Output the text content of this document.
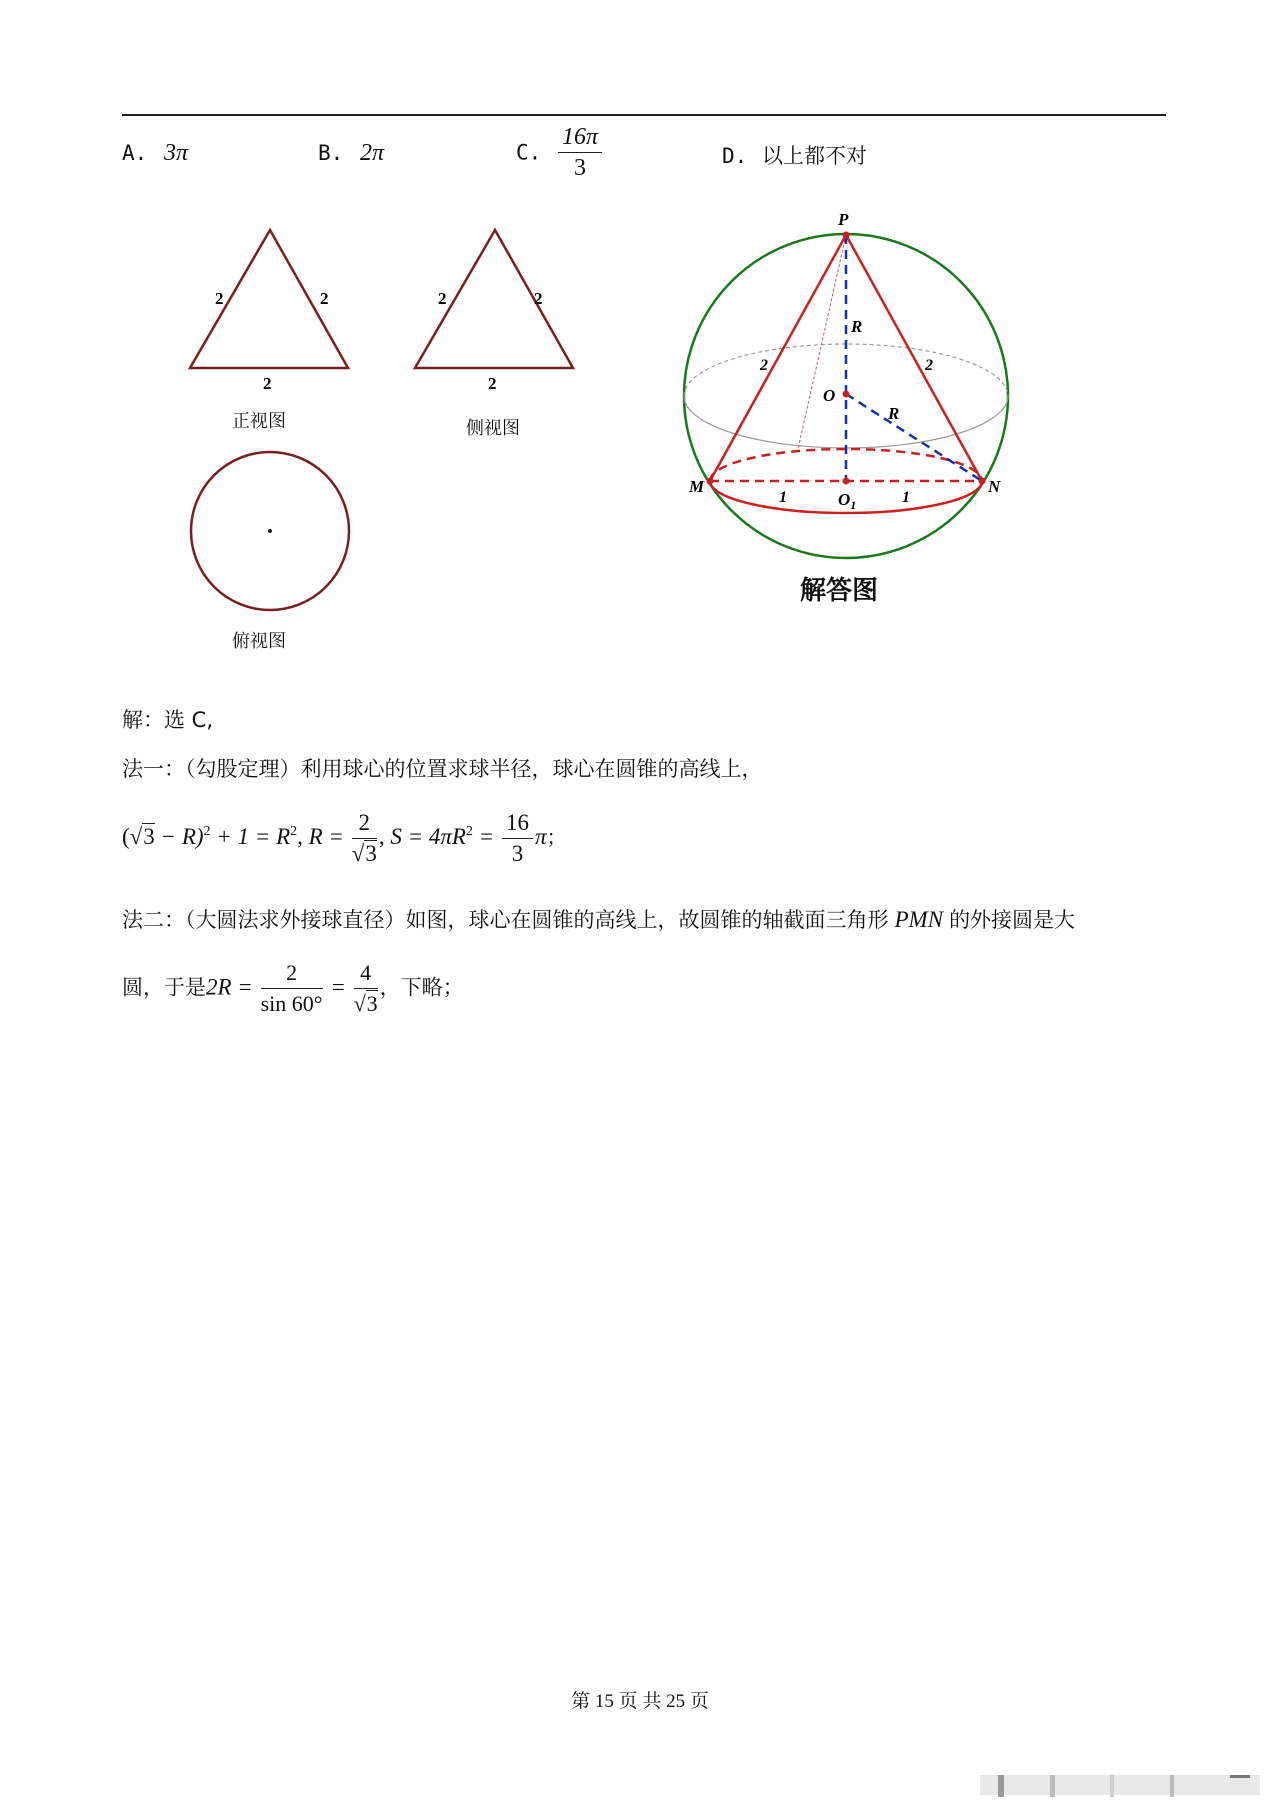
A. 3π	B. 2π	C. $\frac{16\pi}{3}$	D. 以上都不对
2	2
2
2	2
2
正视图	侧视图
俯视图
P
M	N
O
$O_1$
R
R
2	2
1	1
解答图
解：选 C,
法一：（勾股定理）利用球心的位置求球半径，球心在圆锥的高线上，
$(√3 - R)^2 + 1 = R^2$, $R = \frac{2}{√3}$ , $S = 4\pi R^2 = \frac{16}{3}$ π；
法二：（大圆法求外接球直径）如图，球心在圆锥的高线上，故圆锥的轴截面三角形 PMN 的外接圆是大
圆，于是$2R = \frac{2}{\sin 60^\circ} = \frac{4}{√3}$ ，下略；
第 15 页 共 25 页
